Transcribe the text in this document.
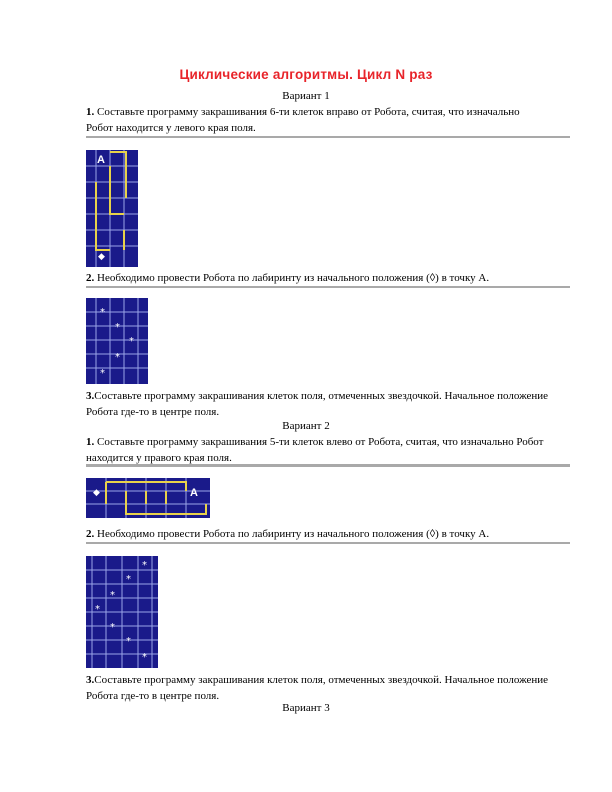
Циклические алгоритмы. Цикл N раз
Вариант 1
1. Составьте программу закрашивания 6-ти клеток вправо от Робота, считая, что изначально Робот находится у левого края поля.
A
◆
2. Необходимо провести Робота по лабиринту из начального положения (◊) в точку А.
*
*
*
*
*
3.Составьте программу закрашивания клеток поля, отмеченных звездочкой. Начальное положение Робота где-то в центре поля.
Вариант 2
1. Составьте программу закрашивания 5-ти клеток влево от Робота, считая, что изначально Робот находится у правого края поля.
◆	A
2. Необходимо провести Робота по лабиринту из начального положения (◊) в точку А.
*
*
*
*
*
*
*
3.Составьте программу закрашивания клеток поля, отмеченных звездочкой. Начальное положение Робота где-то в центре поля.
Вариант 3
